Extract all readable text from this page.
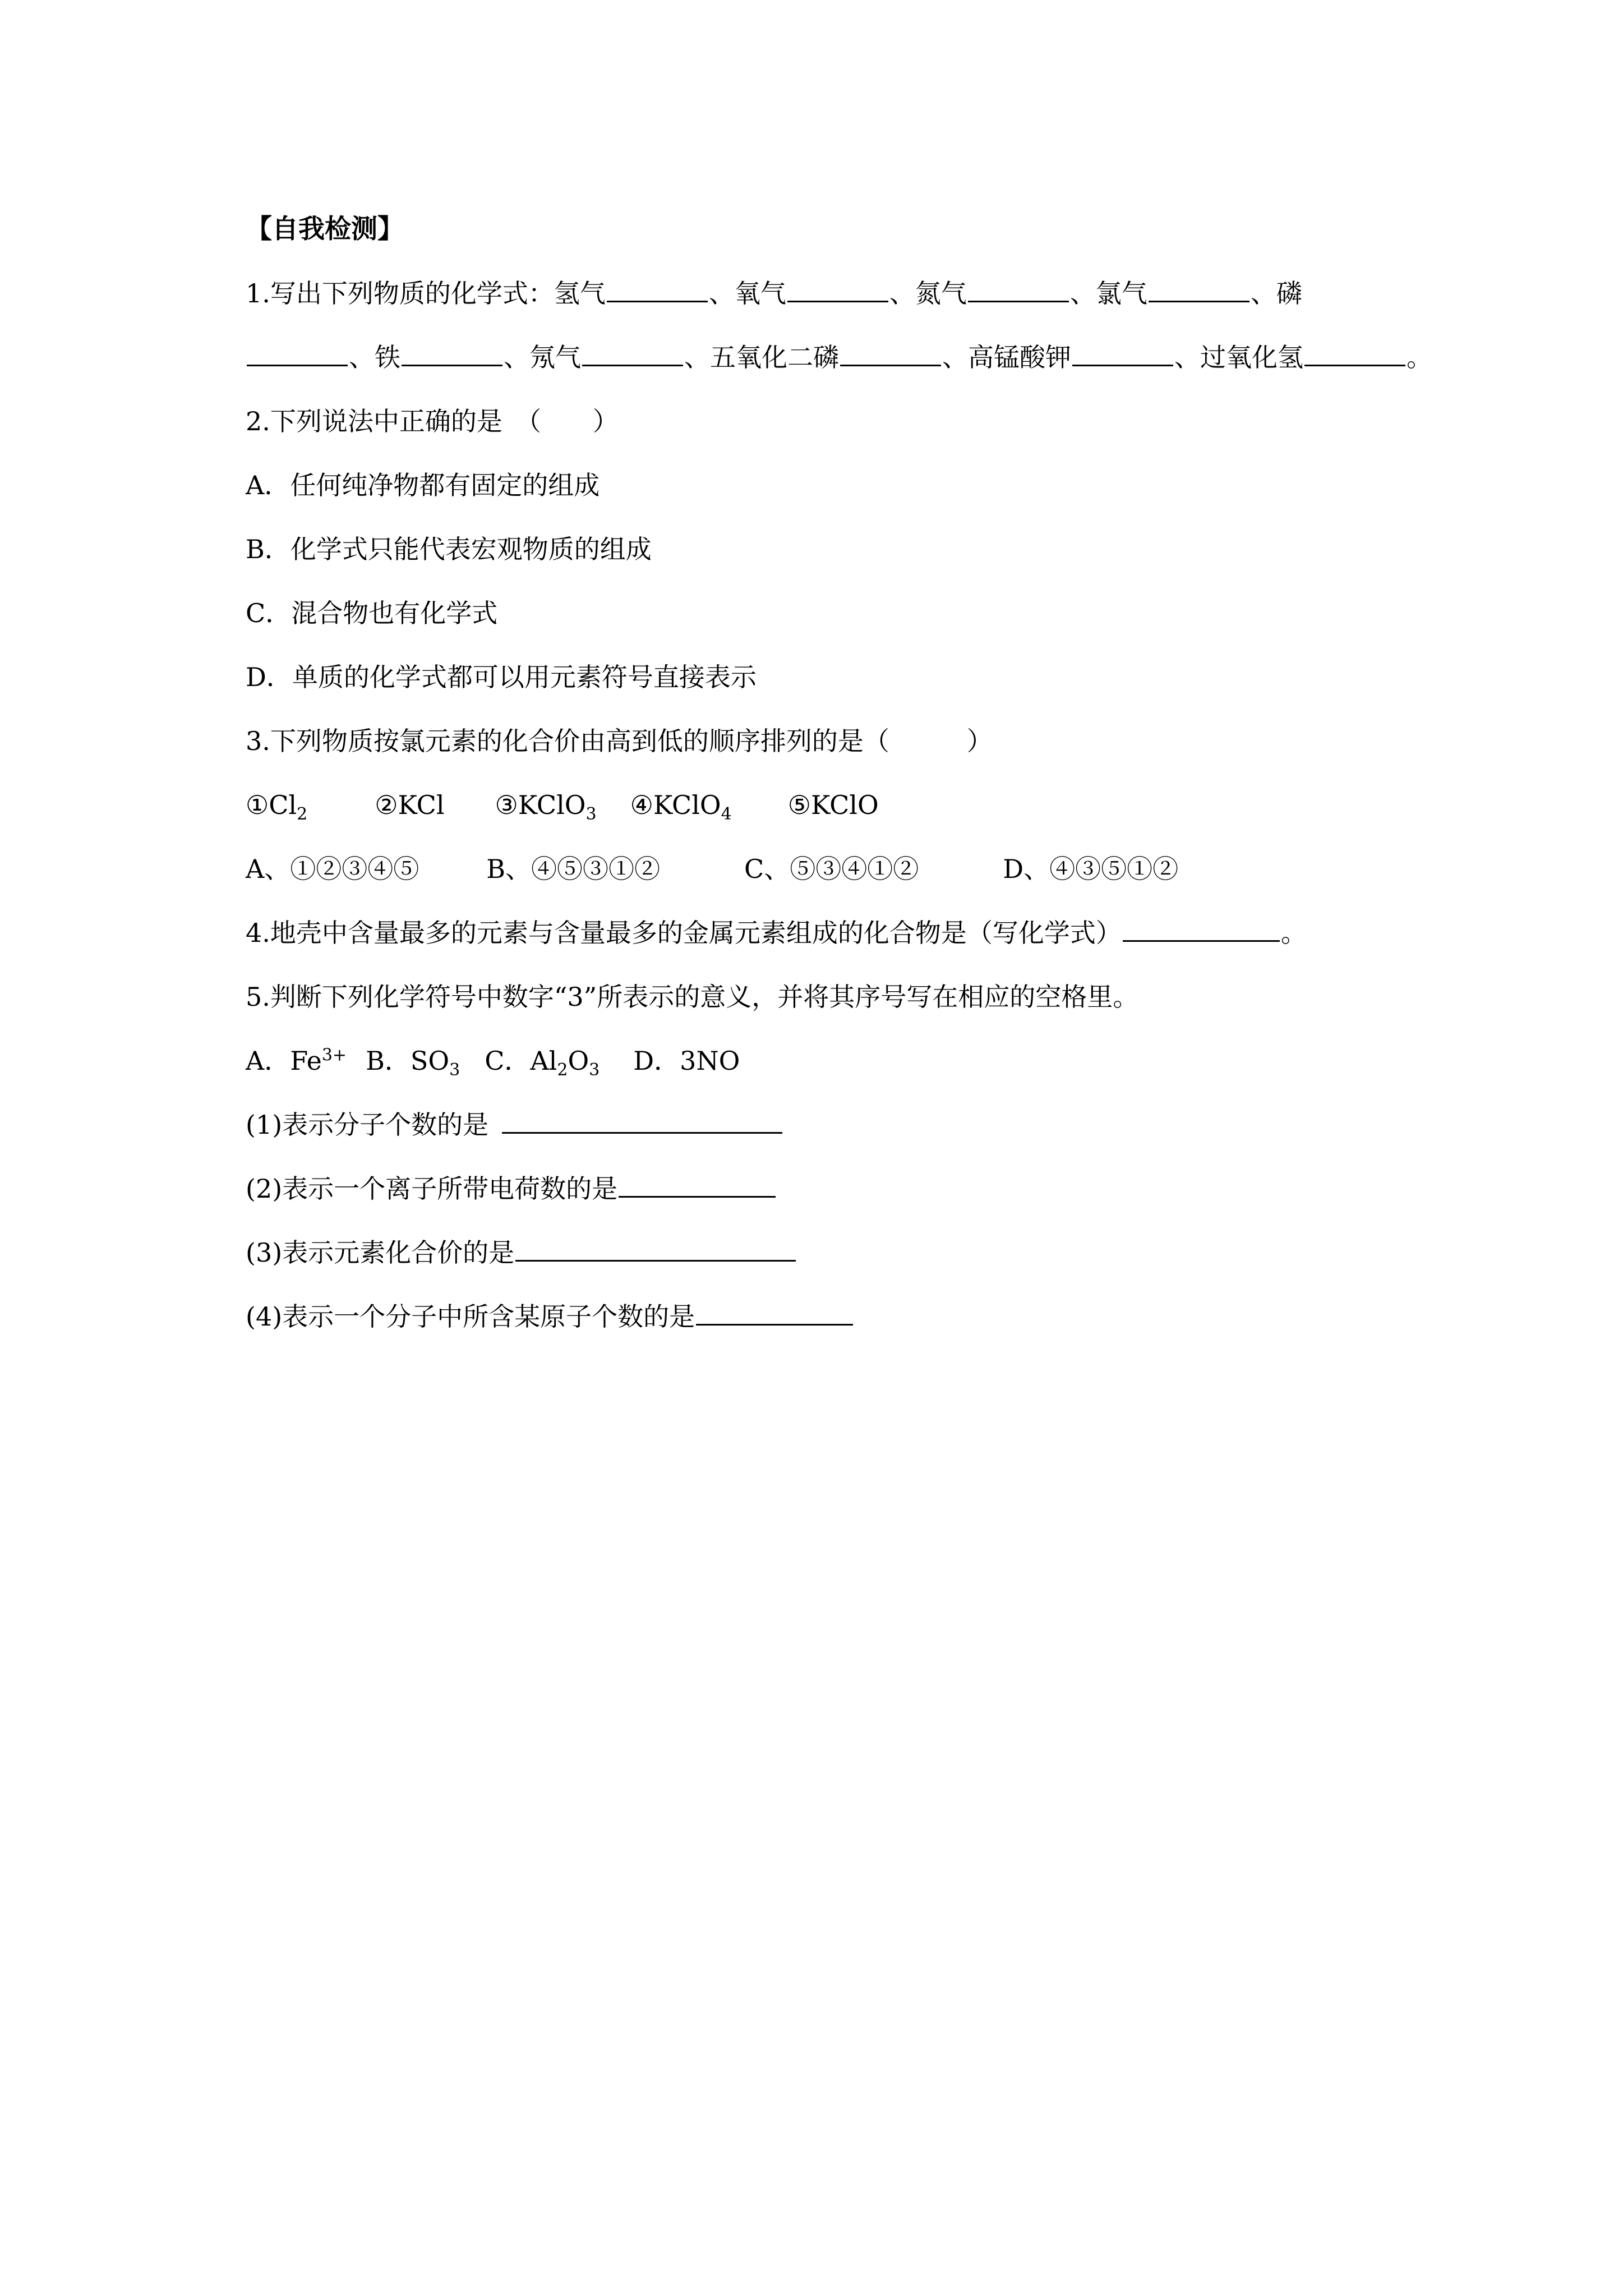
【自我检测】
1.写出下列物质的化学式：氢气	、氧气	、氮气	、氯气	、磷
、铁	、氖气	、五氧化二磷	、高锰酸钾	、过氧化氢	。
2.下列说法中正确的是　（　　）
A．任何纯净物都有固定的组成
B．化学式只能代表宏观物质的组成
C．混合物也有化学式
D．单质的化学式都可以用元素符号直接表示
3.下列物质按氯元素的化合价由高到低的顺序排列的是（　　　）
$①Cl_2$	②KCl ③KClO$_3$ ④KClO$_4$ ⑤KClO
A、①②③④⑤	B、④⑤③①②	C、⑤③④①②	D、④③⑤①②
4.地壳中含量最多的元素与含量最多的金属元素组成的化合物是（写化学式）	。
5.判断下列化学符号中数字“3”所表示的意义，并将其序号写在相应的空格里。
A．$Fe^{3+}$ B．$SO_3$ C．$Al_2O_3$ D．3NO
(1)表示分子个数的是
(2)表示一个离子所带电荷数的是
(3)表示元素化合价的是
(4)表示一个分子中所含某原子个数的是
